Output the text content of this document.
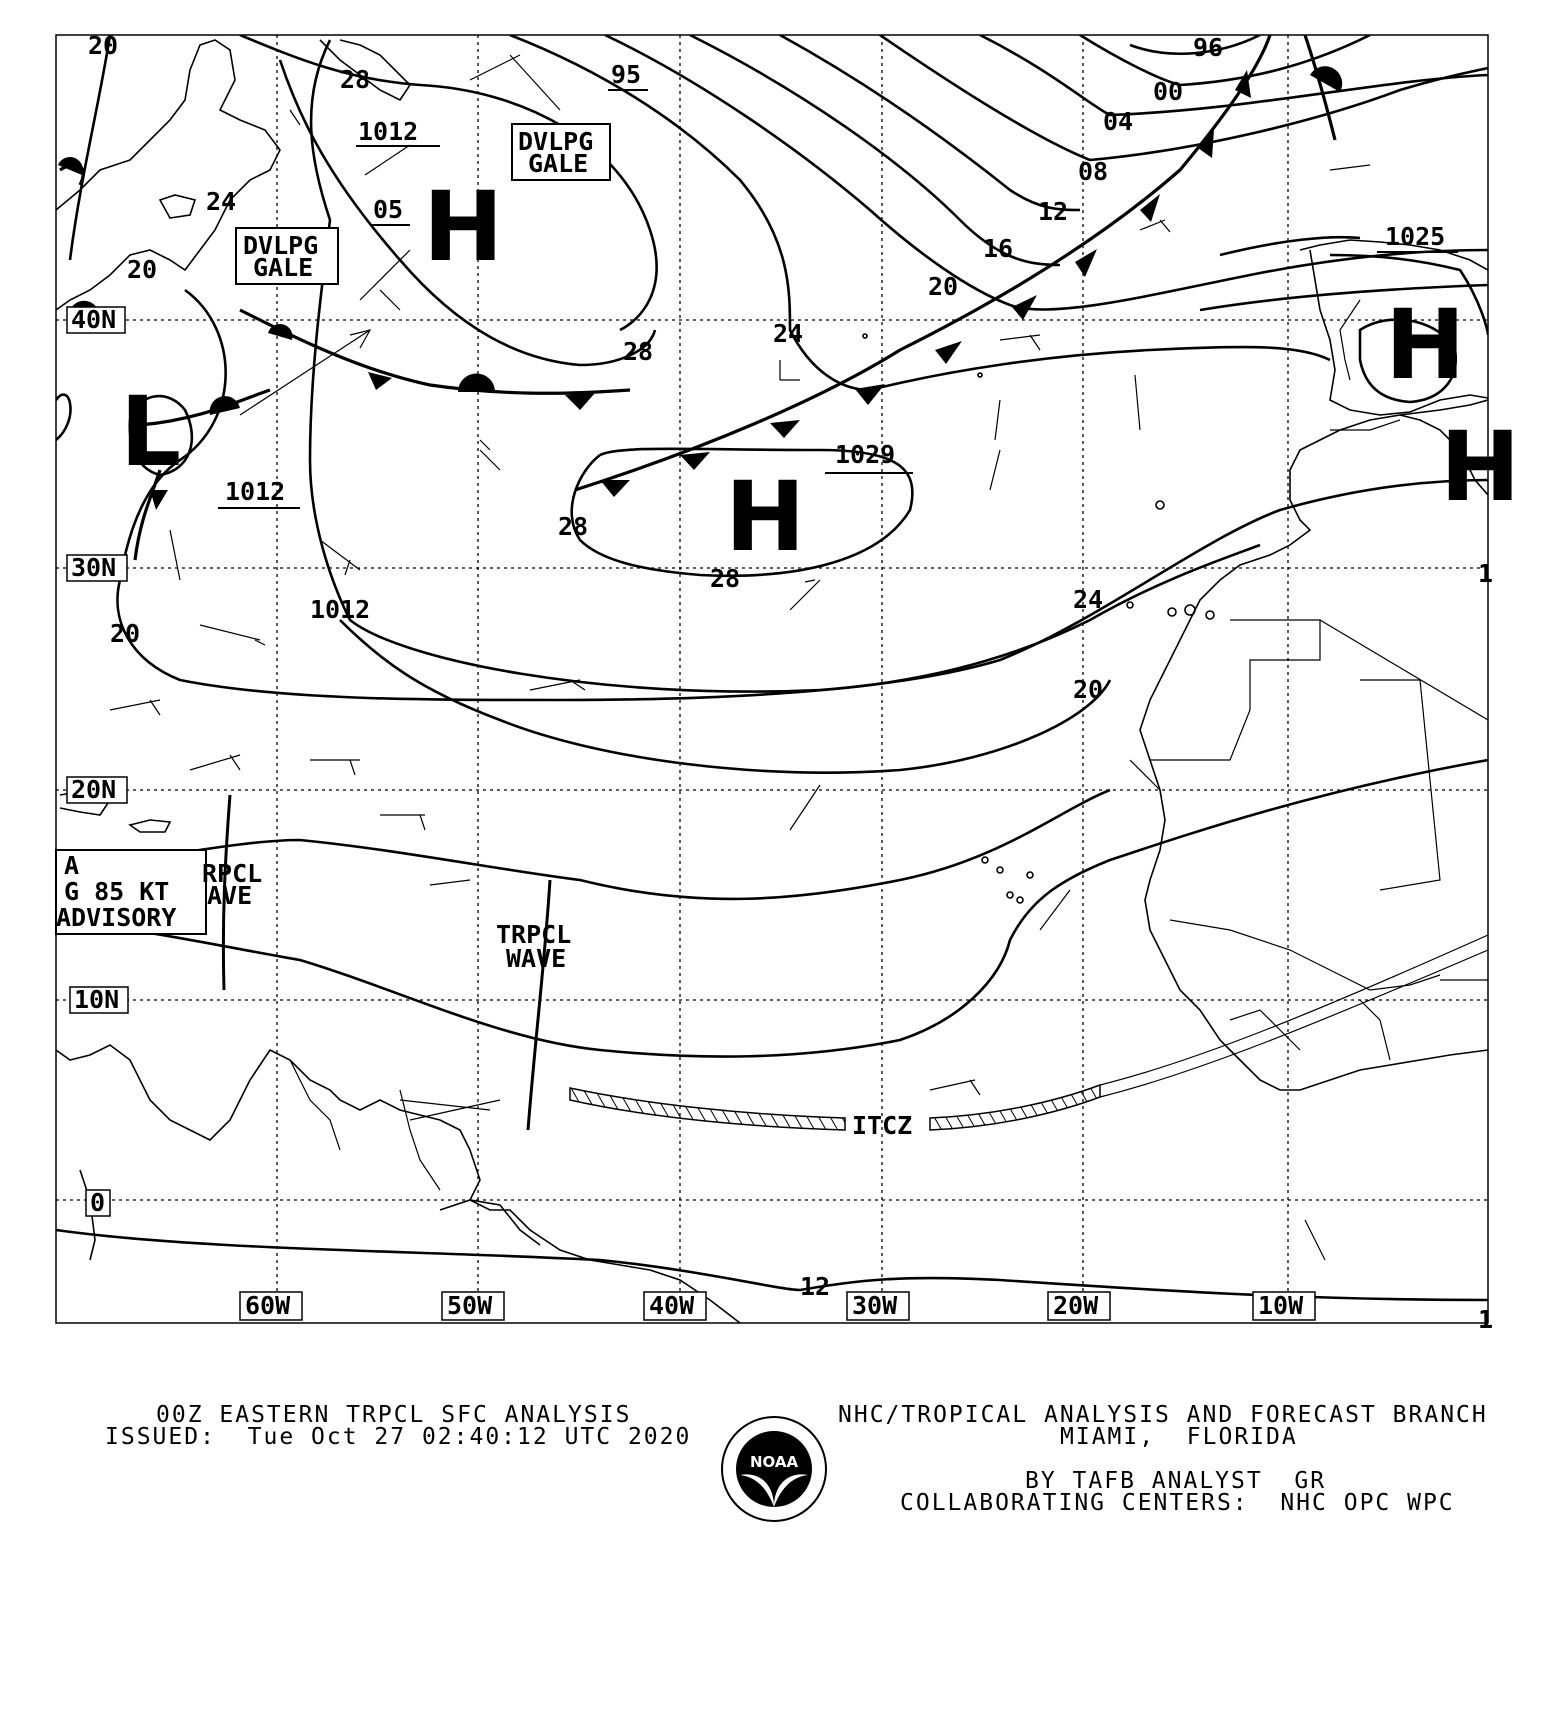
40N
30N
20N
10N
0
60W	50W	40W	30W	20W	10W
20
28
1012
96
00
04
08
12
16
20
95
05
24
20
28
24
20
28
1029
28
24
20
1012
1025
12
1
1
1012
H
H
H
L	H
DVLPG
GALE
DVLPG
GALE
A
G 85 KT
ADVISORY
RPCL
AVE
TRPCL
WAVE
ITCZ
00Z EASTERN TRPCL SFC ANALYSIS
ISSUED:  Tue Oct 27 02:40:12 UTC 2020
NHC/TROPICAL ANALYSIS AND FORECAST BRANCH
MIAMI,  FLORIDA
BY TAFB ANALYST  GR
COLLABORATING CENTERS:  NHC OPC WPC
NOAA
